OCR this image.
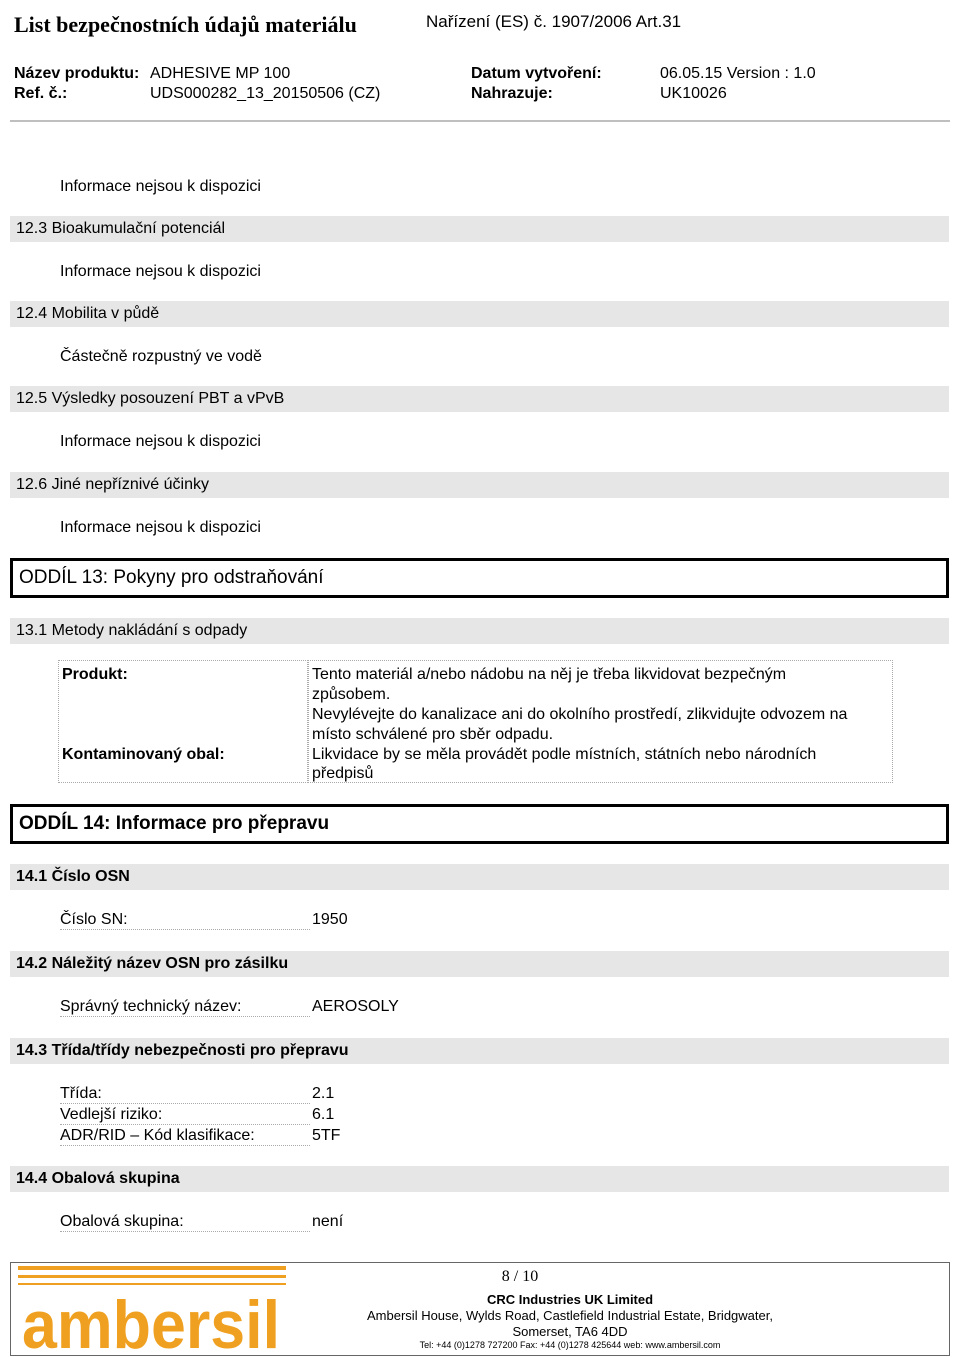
List bezpečnostních údajů materiálu	Nařízení (ES) č. 1907/2006 Art.31
Název produktu: ADHESIVE MP 100	Datum vytvoření:	06.05.15 Version : 1.0
Ref. č.:	UDS000282_13_20150506 (CZ)	Nahrazuje:	UK10026
Informace nejsou k dispozici
12.3 Bioakumulační potenciál
Informace nejsou k dispozici
12.4 Mobilita v půdě
Částečně rozpustný ve vodě
12.5 Výsledky posouzení PBT a vPvB
Informace nejsou k dispozici
12.6 Jiné nepříznivé účinky
Informace nejsou k dispozici
ODDÍL 13: Pokyny pro odstraňování
13.1 Metody nakládání s odpady
Produkt:	Tento materiál a/nebo nádobu na něj je třeba likvidovat bezpečným
způsobem.
Nevylévejte do kanalizace ani do okolního prostředí, zlikvidujte odvozem na
místo schválené pro sběr odpadu.
Kontaminovaný obal:	Likvidace by se měla provádět podle místních, státních nebo národních
předpisů
ODDÍL 14: Informace pro přepravu
14.1 Číslo OSN
Číslo SN:	1950
14.2 Náležitý název OSN pro zásilku
Správný technický název:	AEROSOLY
14.3 Třída/třídy nebezpečnosti pro přepravu
Třída:	2.1
Vedlejší riziko:	6.1
ADR/RID – Kód klasifikace:	5TF
14.4 Obalová skupina
Obalová skupina:	není
ambersil
8 / 10
CRC Industries UK Limited
Ambersil House, Wylds Road, Castlefield Industrial Estate, Bridgwater,
Somerset, TA6 4DD
Tel: +44 (0)1278 727200 Fax: +44 (0)1278 425644 web: www.ambersil.com
